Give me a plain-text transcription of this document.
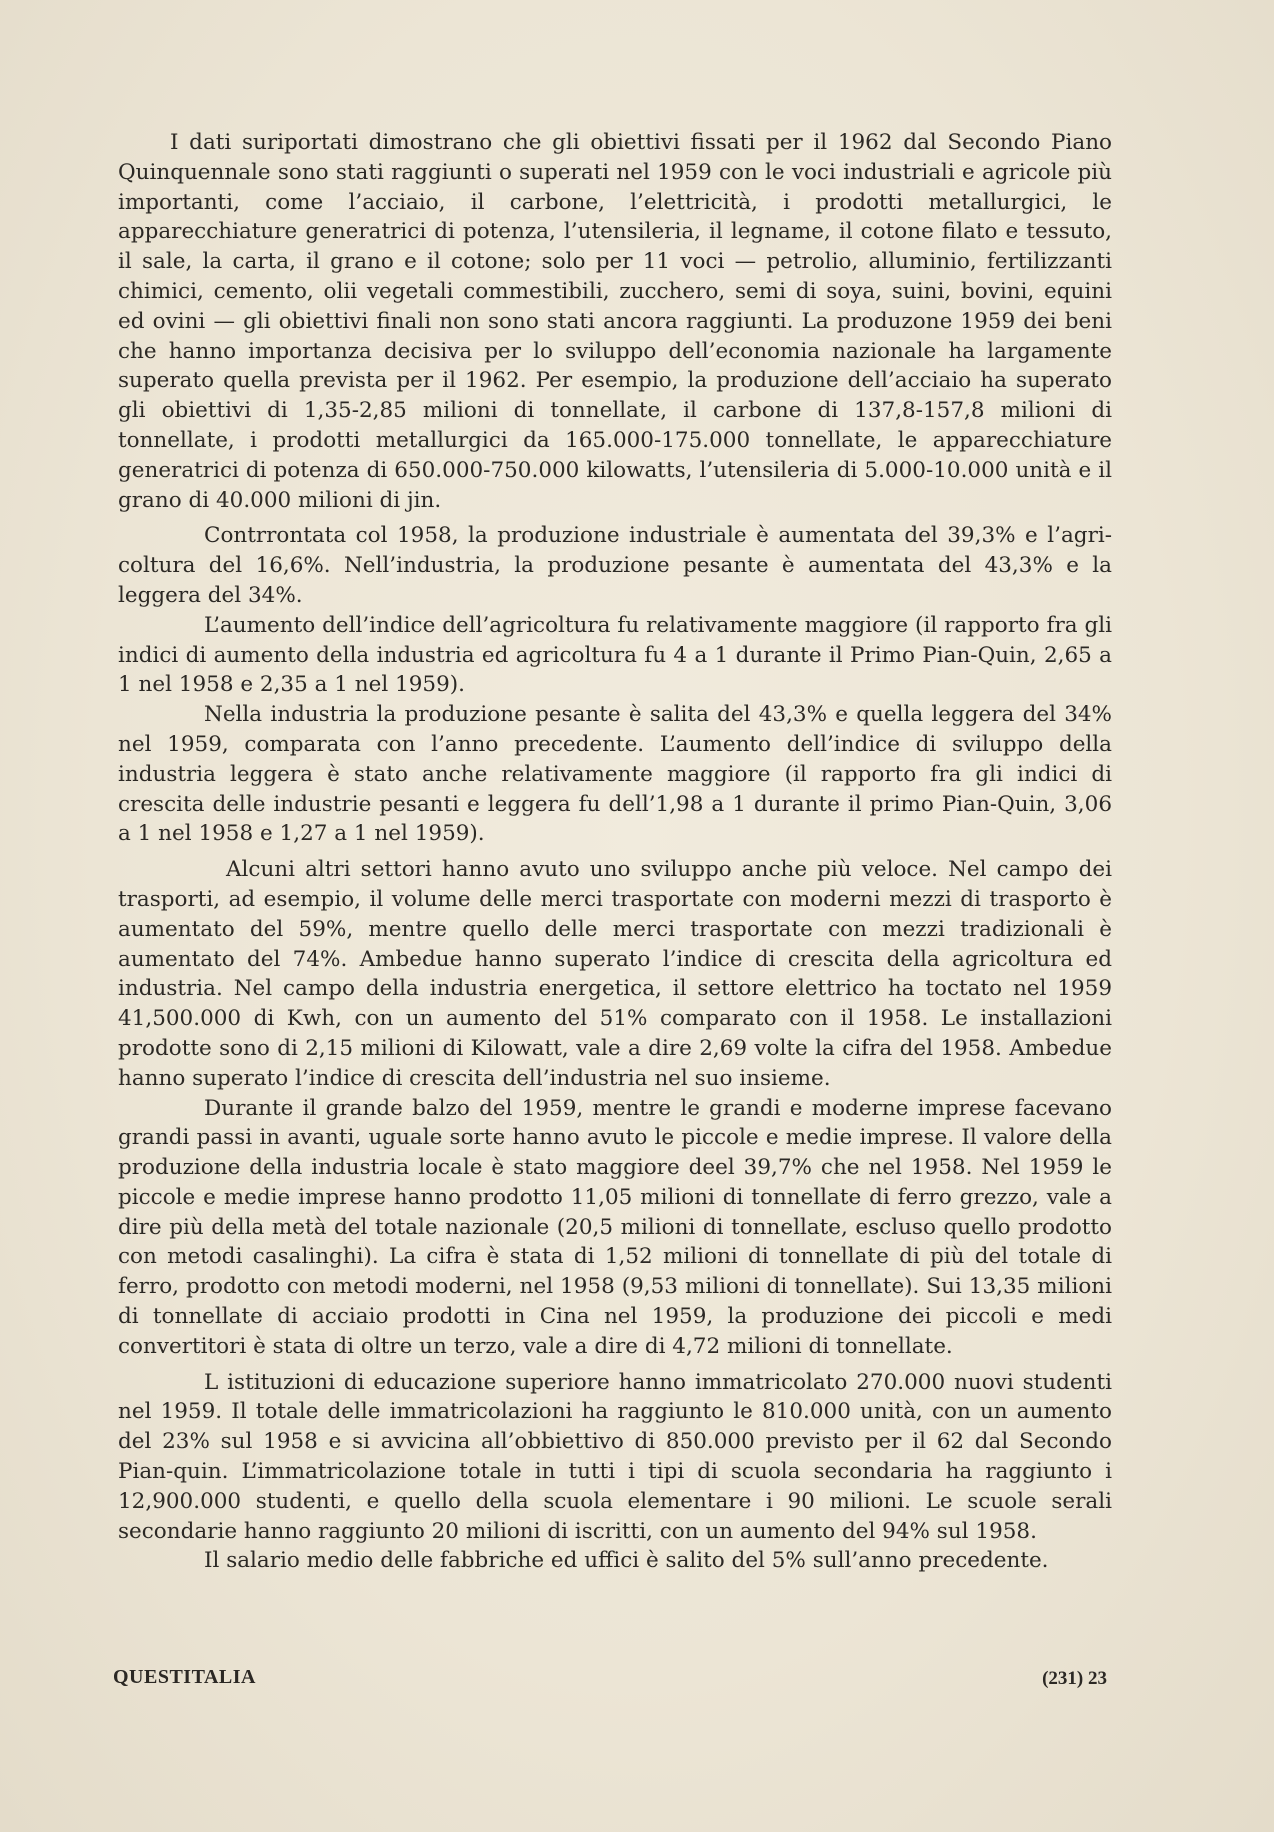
I dati suriportati dimostrano che gli obiettivi fissati per il 1962 dal Secondo Piano Quinquennale sono stati raggiunti o superati nel 1959 con le voci industriali e agricole più importanti, come l’acciaio, il carbone, l’elettricità, i prodotti metallurgici, le apparecchiature generatrici di potenza, l’utensileria, il legname, il cotone filato e tessuto, il sale, la carta, il grano e il cotone; solo per 11 voci — petrolio, alluminio, fertilizzanti chimici, cemento, olii vegetali commestibili, zucchero, semi di soya, suini, bovini, equini ed ovini — gli obiettivi finali non sono stati ancora raggiunti. La produzone 1959 dei beni che hanno importanza decisiva per lo sviluppo dell’economia nazionale ha largamente superato quella prevista per il 1962. Per esempio, la produzione dell’acciaio ha superato gli obiettivi di 1,35-2,85 milioni di tonnellate, il carbone di 137,8-157,8 milioni di tonnellate, i prodotti metallurgici da 165.000-175.000 tonnellate, le apparecchiature generatrici di potenza di 650.000-750.000 kilowatts, l’utensileria di 5.000-10.000 unità e il grano di 40.000 milioni di jin.

Contrrontata col 1958, la produzione industriale è aumentata del 39,3% e l’agricoltura del 16,6%. Nell’industria, la produzione pesante è aumentata del 43,3% e la leggera del 34%.

L’aumento dell’indice dell’agricoltura fu relativamente maggiore (il rapporto fra gli indici di aumento della industria ed agricoltura fu 4 a 1 durante il Primo Pian-Quin, 2,65 a 1 nel 1958 e 2,35 a 1 nel 1959).

Nella industria la produzione pesante è salita del 43,3% e quella leggera del 34% nel 1959, comparata con l’anno precedente. L’aumento dell’indice di sviluppo della industria leggera è stato anche relativamente maggiore (il rapporto fra gli indici di crescita delle industrie pesanti e leggera fu dell’1,98 a 1 durante il primo Pian-Quin, 3,06 a 1 nel 1958 e 1,27 a 1 nel 1959).

Alcuni altri settori hanno avuto uno sviluppo anche più veloce. Nel campo dei trasporti, ad esempio, il volume delle merci trasportate con moderni mezzi di trasporto è aumentato del 59%, mentre quello delle merci trasportate con mezzi tradizionali è aumentato del 74%. Ambedue hanno superato l’indice di crescita della agricoltura ed industria. Nel campo della industria energetica, il settore elettrico ha toctato nel 1959 41,500.000 di Kwh, con un aumento del 51% comparato con il 1958. Le installazioni prodotte sono di 2,15 milioni di Kilowatt, vale a dire 2,69 volte la cifra del 1958. Ambedue hanno superato l’indice di crescita dell’industria nel suo insieme.

Durante il grande balzo del 1959, mentre le grandi e moderne imprese facevano grandi passi in avanti, uguale sorte hanno avuto le piccole e medie imprese. Il valore della produzione della industria locale è stato maggiore deel 39,7% che nel 1958. Nel 1959 le piccole e medie imprese hanno prodotto 11,05 milioni di tonnellate di ferro grezzo, vale a dire più della metà del totale nazionale (20,5 milioni di tonnellate, escluso quello prodotto con metodi casalinghi). La cifra è stata di 1,52 milioni di tonnellate di più del totale di ferro, prodotto con metodi moderni, nel 1958 (9,53 milioni di tonnellate). Sui 13,35 milioni di tonnellate di acciaio prodotti in Cina nel 1959, la produzione dei piccoli e medi convertitori è stata di oltre un terzo, vale a dire di 4,72 milioni di tonnellate.

L istituzioni di educazione superiore hanno immatricolato 270.000 nuovi studenti nel 1959. Il totale delle immatricolazioni ha raggiunto le 810.000 unità, con un aumento del 23% sul 1958 e si avvicina all’obbiettivo di 850.000 previsto per il 62 dal Secondo Pian-quin. L’immatricolazione totale in tutti i tipi di scuola secondaria ha raggiunto i 12,900.000 studenti, e quello della scuola elementare i 90 milioni. Le scuole serali secondarie hanno raggiunto 20 milioni di iscritti, con un aumento del 94% sul 1958.

Il salario medio delle fabbriche ed uffici è salito del 5% sull’anno precedente.

QUESTITALIA	(231) 23
